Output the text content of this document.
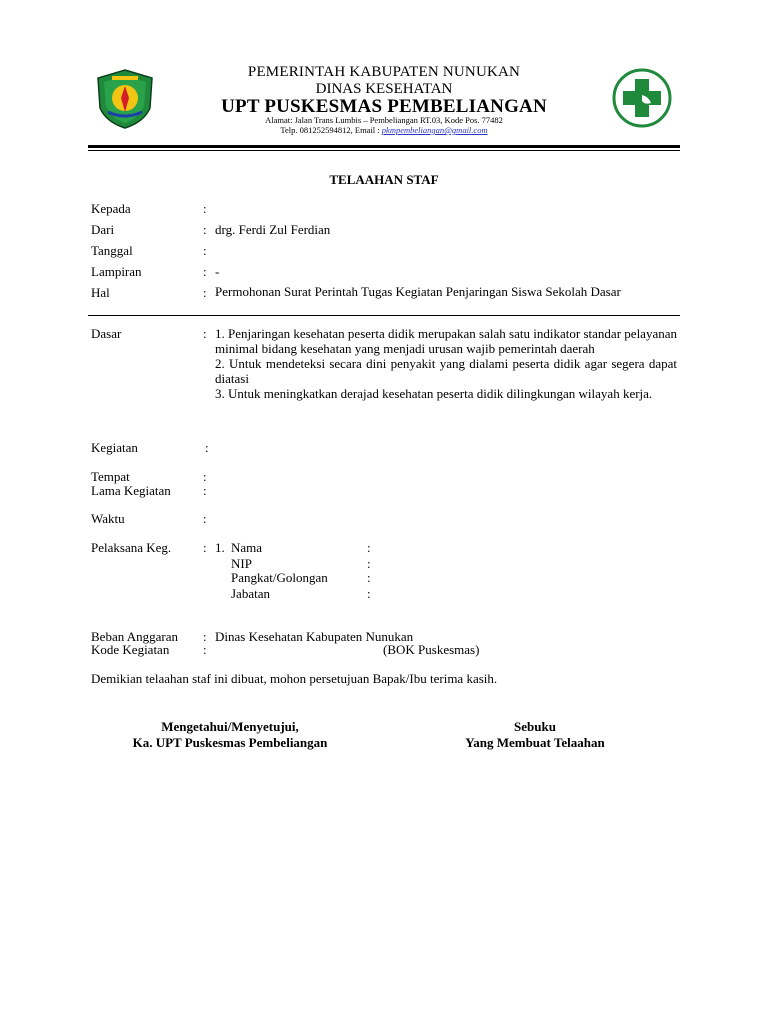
PEMERINTAH KABUPATEN NUNUKAN
DINAS KESEHATAN
UPT PUSKESMAS PEMBELIANGAN
Alamat: Jalan Trans Lumbis – Pembeliangan RT.03, Kode Pos. 77482
Telp. 081252594812, Email : pkmpembeliangan@gmail.com
TELAAHAN STAF
Kepada	:
Dari	: drg. Ferdi Zul Ferdian
Tanggal	:
Lampiran	: -
Hal	: Permohonan Surat Perintah Tugas Kegiatan Penjaringan Siswa Sekolah Dasar
Dasar	: 1. Penjaringan kesehatan peserta didik merupakan salah satu indikator standar pelayanan minimal bidang kesehatan yang menjadi urusan wajib pemerintah daerah

2. Untuk mendeteksi secara dini penyakit yang dialami peserta didik agar segera dapat diatasi

3. Untuk meningkatkan derajad kesehatan peserta didik dilingkungan wilayah kerja.

Kegiatan	:
Tempat	:
Lama Kegiatan :
Waktu	:
Pelaksana Keg. : 1. Nama	:
NIP	:
Pangkat/Golongan	:
Jabatan	:
Beban Anggaran : Dinas Kesehatan Kabupaten Nunukan
Kode Kegiatan	:	(BOK Puskesmas)
Demikian telaahan staf ini dibuat, mohon persetujuan Bapak/Ibu terima kasih.
Mengetahui/Menyetujui,
Ka. UPT Puskesmas Pembeliangan
Sebuku
Yang Membuat Telaahan
